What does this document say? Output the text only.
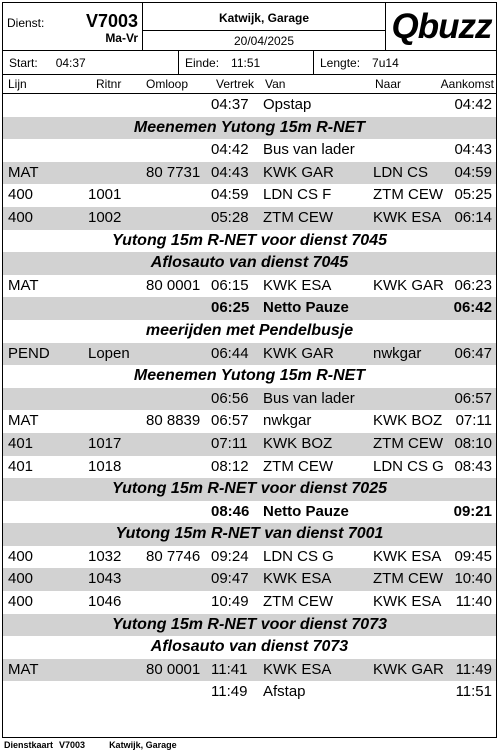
Dienst: V7003
Ma-Vr
Katwijk, Garage
20/04/2025	Qbuzz
Start: 04:37	Einde: 11:51	Lengte: 7u14
Lijn	Ritnr Omloop Vertrek Van	Naar	Aankomst
04:37 Opstap	04:42
Meenemen Yutong 15m R-NET
04:42 Bus van lader	04:43
MAT	80 7731 04:43 KWK GAR	LDN CS 04:59
400	1001	04:59 LDN CS F	ZTM CEW 05:25
400	1002	05:28 ZTM CEW	KWK ESA 06:14
Yutong 15m R-NET voor dienst 7045
Aflosauto van dienst 7045
MAT	80 0001 06:15 KWK ESA	KWK GAR 06:23
06:25 Netto Pauze	06:42
meerijden met Pendelbusje
PEND	Lopen	06:44 KWK GAR	nwkgar 06:47
Meenemen Yutong 15m R-NET
06:56 Bus van lader	06:57
MAT	80 8839 06:57 nwkgar	KWK BOZ 07:11
401	1017	07:11 KWK BOZ	ZTM CEW 08:10
401	1018	08:12 ZTM CEW	LDN CS G 08:43
Yutong 15m R-NET voor dienst 7025
08:46 Netto Pauze	09:21
Yutong 15m R-NET van dienst 7001
400	1032 80 7746 09:24 LDN CS G	KWK ESA 09:45
400	1043	09:47 KWK ESA	ZTM CEW 10:40
400	1046	10:49 ZTM CEW	KWK ESA 11:40
Yutong 15m R-NET voor dienst 7073
Aflosauto van dienst 7073
MAT	80 0001 11:41 KWK ESA	KWK GAR 11:49
11:49 Afstap	11:51
Dienstkaart V7003	Katwijk, Garage
